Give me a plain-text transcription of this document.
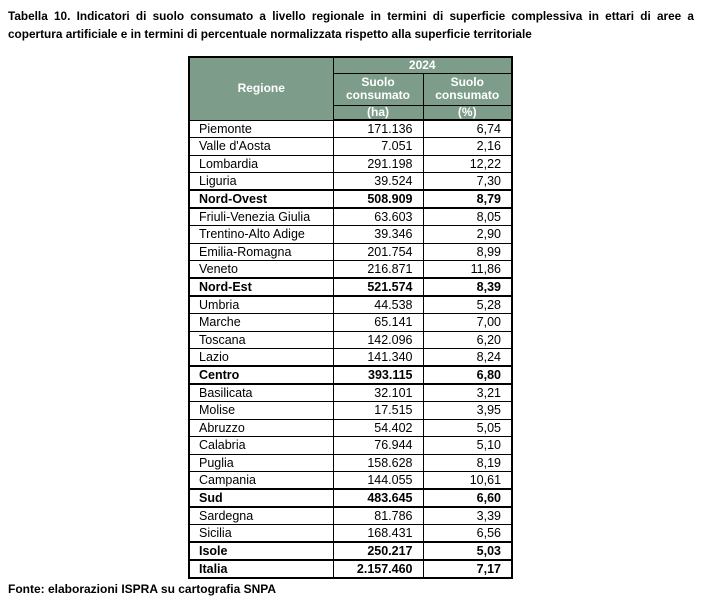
Tabella 10. Indicatori di suolo consumato a livello regionale in termini di superficie complessiva in ettari di aree a
copertura artificiale e in termini di percentuale normalizzata rispetto alla superficie territoriale
Regione	2024	
	Suolo consumato	Suolo consumato
	(ha)	(%)
Piemonte	171.136	6,74
Valle d'Aosta	7.051	2,16
Lombardia	291.198	12,22
Liguria	39.524	7,30
Nord-Ovest	508.909	8,79
Friuli-Venezia Giulia	63.603	8,05
Trentino-Alto Adige	39.346	2,90
Emilia-Romagna	201.754	8,99
Veneto	216.871	11,86
Nord-Est	521.574	8,39
Umbria	44.538	5,28
Marche	65.141	7,00
Toscana	142.096	6,20
Lazio	141.340	8,24
Centro	393.115	6,80
Basilicata	32.101	3,21
Molise	17.515	3,95
Abruzzo	54.402	5,05
Calabria	76.944	5,10
Puglia	158.628	8,19
Campania	144.055	10,61
Sud	483.645	6,60
Sardegna	81.786	3,39
Sicilia	168.431	6,56
Isole	250.217	5,03
Italia	2.157.460	7,17
Fonte: elaborazioni ISPRA su cartografia SNPA
